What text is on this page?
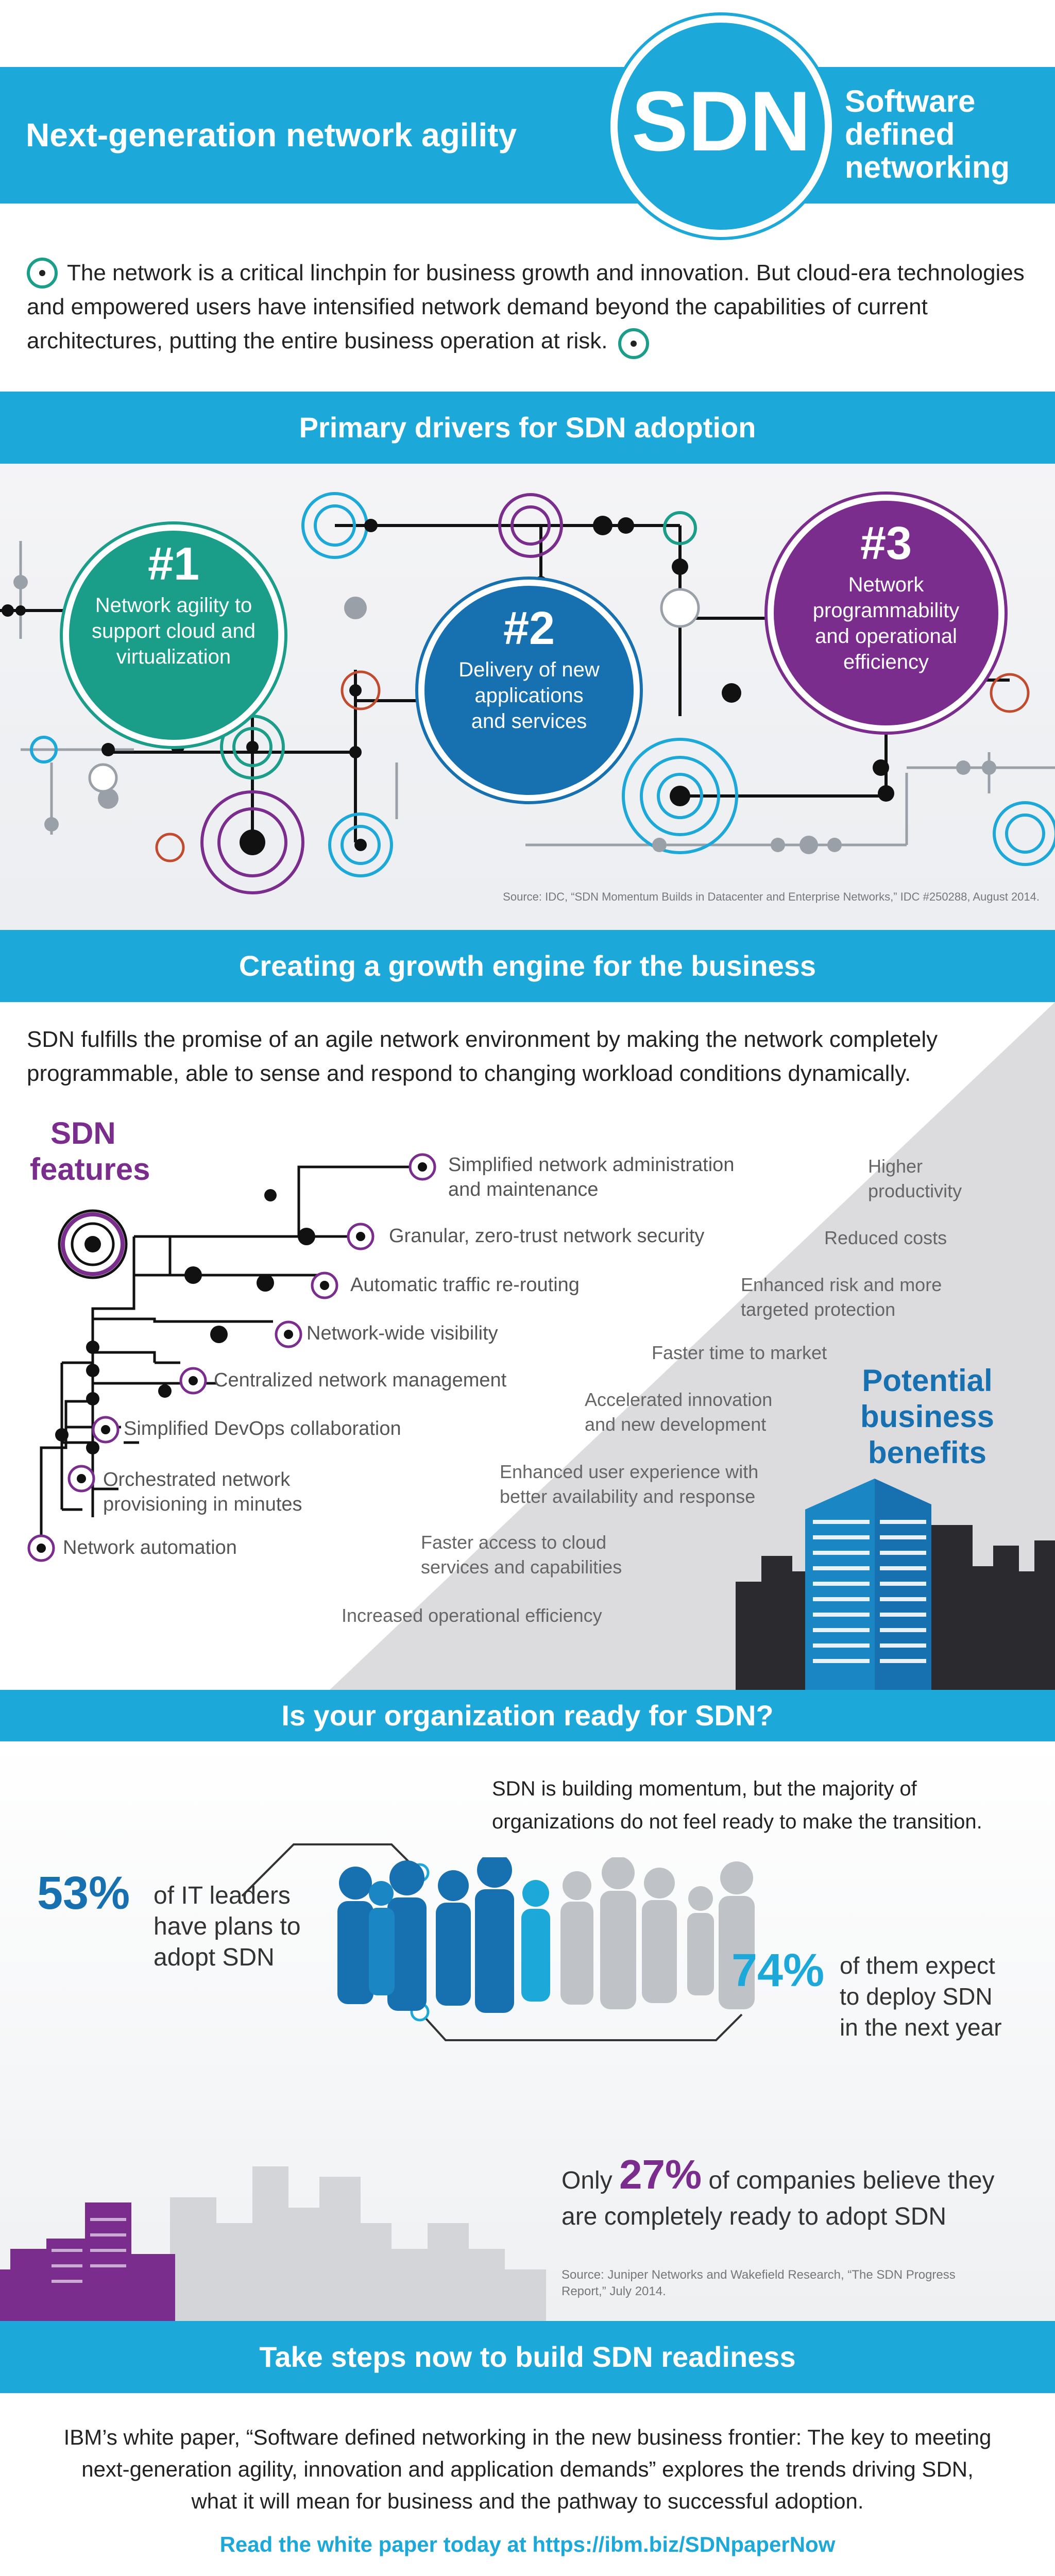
Next-generation network agility SDN	Software
defined
networking
The network is a critical linchpin for business growth and innovation. But cloud-era technologies and empowered users have intensified network demand beyond the capabilities of current architectures, putting the entire business operation at risk.
Primary drivers for SDN adoption
#1
Network agility to
support cloud and
virtualization
#2
Delivery of new
applications
and services
#3
Network
programmability
and operational
efficiency
Source: IDC, “SDN Momentum Builds in Datacenter and Enterprise Networks,” IDC #250288, August 2014.
Creating a growth engine for the business
SDN fulfills the promise of an agile network environment by making the network completely programmable, able to sense and respond to changing workload conditions dynamically.
SDN
features	Simplified network administration
and maintenance
Granular, zero-trust network security
Automatic traffic re-routing
Network-wide visibility
Centralized network management
Simplified DevOps collaboration
Orchestrated network
provisioning in minutes
Network automation
Higher
productivity
Reduced costs
Enhanced risk and more
targeted protection
Faster time to market
Accelerated innovation
and new development
Enhanced user experience with
better availability and response
Faster access to cloud
services and capabilities
Increased operational efficiency
Potential
business
benefits
Is your organization ready for SDN?
SDN is building momentum, but the majority of
organizations do not feel ready to make the transition.
53% of IT leaders
have plans to
adopt SDN	74% of them expect
to deploy SDN
in the next year
Only 27% of companies believe they
are completely ready to adopt SDN
Source: Juniper Networks and Wakefield Research, “The SDN Progress
Report,” July 2014.
Take steps now to build SDN readiness
IBM’s white paper, “Software defined networking in the new business frontier: The key to meeting
next-generation agility, innovation and application demands” explores the trends driving SDN,
what it will mean for business and the pathway to successful adoption.
Read the white paper today at https://ibm.biz/SDNpaperNow
